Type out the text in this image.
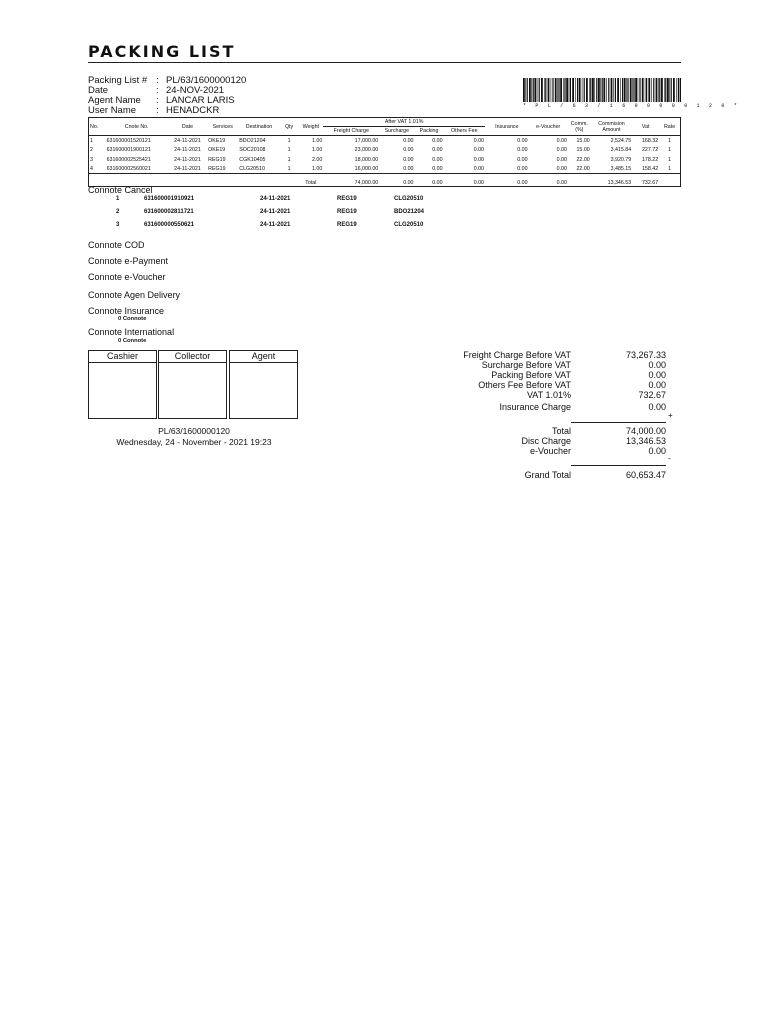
PACKING LIST
Packing List # : PL/63/1600000120
Date	: 24-NOV-2021
Agent Name : LANCAR LARIS
User Name : HENADCKR	* P L / 6 3 / 1 6 0 0 0 0 0 1 2 0 *
No.	Cnote No.	Date	Services	Destination	Qty	Weight	After VAT 1.01%				Insurance	e-Voucher	Comm. (%)	Commision Amount	Vat	Rate
							Freight Charge	Surcharge	Packing	Others Fee						
1	631600001520121	24-11-2021	OKE19	BDO21204	1	1.00	17,000.00	0.00	0.00	0.00	0.00	0.00	15.00	2,524.75	168.32	1
2	631600001900121	24-11-2021	OKE19	SOC20108	1	1.00	23,000.00	0.00	0.00	0.00	0.00	0.00	15.00	3,415.84	227.72	1
3	631600002525421	24-11-2021	REG19	CGK10405	1	2.00	18,000.00	0.00	0.00	0.00	0.00	0.00	22.00	3,920.79	178.22	1
4	631600002560021	24-11-2021	REG19	CLG20510	1	1.00	16,000.00	0.00	0.00	0.00	0.00	0.00	22.00	3,485.15	158.42	1
						Total	74,000.00	0.00	0.00	0.00	0.00	0.00		13,346.53	732.67	
Connote Cancel
1	631600001910921	24-11-2021	REG19	CLG20510
2	631600002811721	24-11-2021	REG19	BDO21204
3	631600000550621	24-11-2021	REG19	CLG20510
Connote COD
Connote e-Payment
Connote e-Voucher
Connote Agen Delivery
Connote Insurance
0 Connote
Connote International
0 Connote
Cashier	Collector	Agent
PL/63/1600000120
Wednesday, 24 - November - 2021 19:23
Freight Charge Before VAT	73,267.33
Surcharge Before VAT	0.00
Packing Before VAT	0.00
Others Fee Before VAT	0.00
VAT 1.01%	732.67
Insurance Charge	0.00
+
Total	74,000.00
Disc Charge	13,346.53
e-Voucher	0.00
-
Grand Total	60,653.47
